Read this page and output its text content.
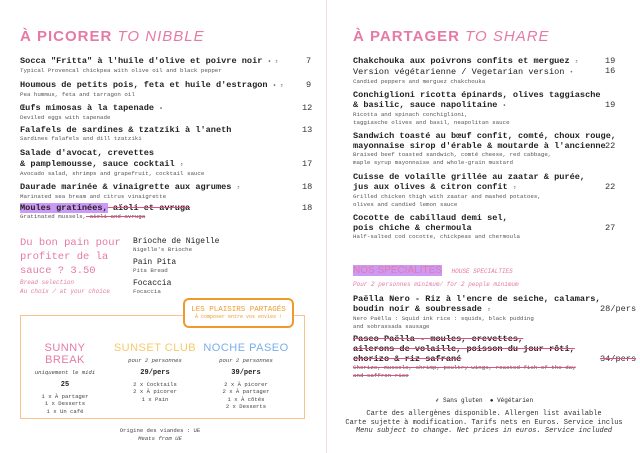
À PICORER TO NIBBLE
Socca "Fritta" à l'huile d'olive et poivre noir • ⸗
Typical Provencal chickpea with olive oil and black pepper
7
Houmous de petits pois, feta et huile d'estragon • ⸗
Pea hummus, feta and tarragon oil
9
Œufs mimosas à la tapenade •
Deviled eggs with tapenade
12
Falafels de sardines & tzatziki à l'aneth
Sardines falafels and dill tzatziki
13
Salade d'avocat, crevettes
& pamplemousse, sauce cocktail ⸗
Avocado salad, shrimps and grapefruit, cocktail sauce
17
Daurade marinée & vinaigrette aux agrumes ⸗
Marinated sea bream and citrus vinaigrette
18
Moules gratinées, aïoli et avruga
Gratinated mussels, aïoli and avruga
18
Du bon pain pour
profiter de la
sauce ? 3.50
Bread selection
Au choix / at your choice
Brioche de Nigelle
Nigelle's Brioche
Pain Pita
Pita Bread
Focaccia
Focaccia
LES PLAISIRS PARTAGÉS
À composer entre vos envies !
SUNNY BREAK
uniquement le midi
25
1 x À partager
1 x Desserts
1 x Un café
SUNSET CLUB
pour 2 personnes
29/pers
2 x Cocktails
2 x À picorer
1 x Pain
NOCHE PASEO
pour 2 personnes
39/pers
2 x À picorer
2 x À partager
1 x À côtés
2 x Desserts
Origine des viandes : UE
Meats from UE
À PARTAGER TO SHARE
Chakchouka aux poivrons confits et merguez ⸗
Version végétarienne / Vegetarian version •
Candied peppers and merguez chakchouka
19
16
Conchiglioni ricotta épinards, olives taggiasche
& basilic, sauce napolitaine •
Ricotta and spinach conchiglioni,
taggiasche olives and basil, neapolitan sauce
19
Sandwich toasté au bœuf confit, comté, choux rouge,
mayonnaise sirop d'érable & moutarde à l'ancienne
Braised beef toasted sandwich, comté cheese, red cabbage,
maple syrup mayonnaise and whole-grain mustard
22
Cuisse de volaille grillée au zaatar & purée,
jus aux olives & citron confit ⸗
Grilled chicken thigh with zaatar and mashed potatoes,
olives and candied lemon sauce
22
Cocotte de cabillaud demi sel,
pois chiche & chermoula
Half-salted cod cocotte, chickpeas and chermoula
27
NOS SPECIALITES HOUSE SPECIALTIES
Pour 2 personnes minimum/ for 2 people minimum
Paëlla Nero - Riz à l'encre de seiche, calamars,
boudin noir & soubressade ⸗
Nero Paëlla : Squid ink rice : squids, black pudding
and sobrassada sausage
28/pers
Paseo Paëlla - moules, crevettes,
ailerons de volaille, poisson du jour rôti,
chorizo & riz safrané
Chorizo, mussels, shrimp, poultry wings, roasted fish of the day
and saffron rice
34/pers
⸙ Sans gluten ● Végétarien
Carte des allergènes disponible. Allergen list available
Carte sujette à modification. Tarifs nets en Euros. Service inclus
Menu subject to change. Net prices in euros. Service included
